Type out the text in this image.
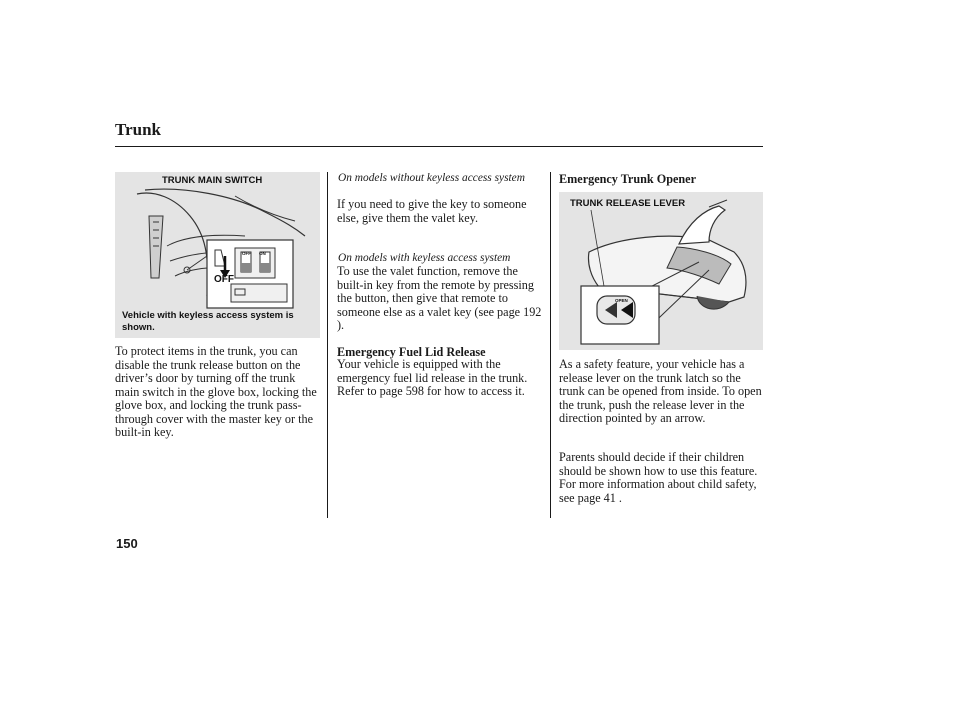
Trunk
TRUNK MAIN SWITCH
OFF ON
OFF
Vehicle with keyless access system is shown.

To protect items in the trunk, you can disable the trunk release button on the driver’s door by turning off the trunk main switch in the glove box, locking the glove box, and locking the trunk pass-through cover with the master key or the built-in key.

On models without keyless access system

If you need to give the key to someone else, give them the valet key.

On models with keyless access system

To use the valet function, remove the built-in key from the remote by pressing the button, then give that remote to someone else as a valet key (see page 192 ).

Emergency Fuel Lid Release

Your vehicle is equipped with the emergency fuel lid release in the trunk. Refer to page 598 for how to access it.

Emergency Trunk Opener
TRUNK RELEASE LEVER
OPEN

As a safety feature, your vehicle has a release lever on the trunk latch so the trunk can be opened from inside. To open the trunk, push the release lever in the direction pointed by an arrow.

Parents should decide if their children should be shown how to use this feature. For more information about child safety, see page 41 .

150
